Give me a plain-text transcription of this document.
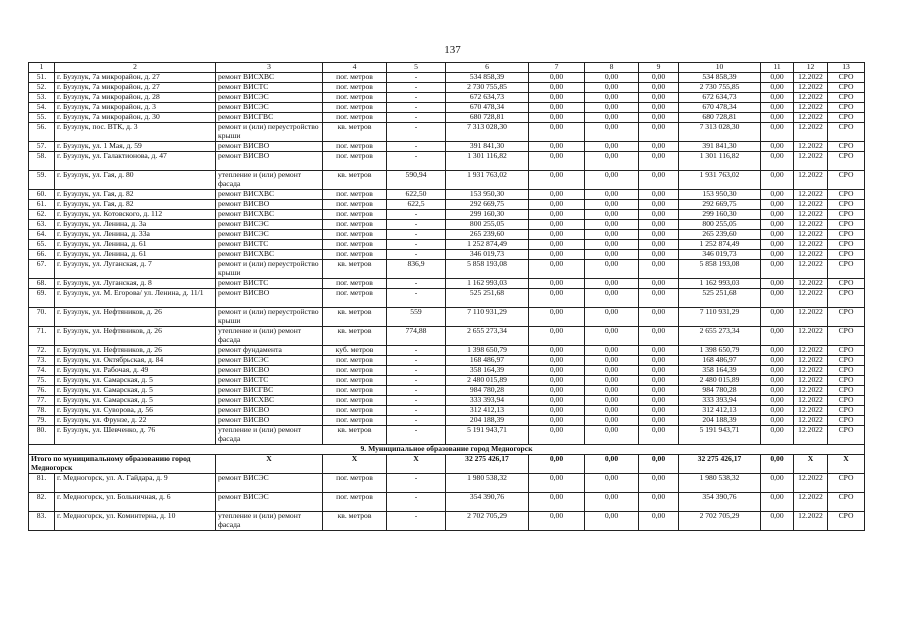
137
1	2	3	4	5	6	7	8	9	10	11	12	13
51.	г. Бузулук, 7а микрорайон, д. 27	ремонт ВИСХВС	пог. метров	-	534 858,39	0,00	0,00	0,00	534 858,39	0,00	12.2022	СРО
52.	г. Бузулук, 7а микрорайон, д. 27	ремонт ВИСТС	пог. метров	-	2 730 755,85	0,00	0,00	0,00	2 730 755,85	0,00	12.2022	СРО
53.	г. Бузулук, 7а микрорайон, д. 28	ремонт ВИСЭС	пог. метров	-	672 634,73	0,00	0,00	0,00	672 634,73	0,00	12.2022	СРО
54.	г. Бузулук, 7а микрорайон, д. 3	ремонт ВИСЭС	пог. метров	-	670 478,34	0,00	0,00	0,00	670 478,34	0,00	12.2022	СРО
55.	г. Бузулук, 7а микрорайон, д. 30	ремонт ВИСГВС	пог. метров	-	680 728,81	0,00	0,00	0,00	680 728,81	0,00	12.2022	СРО
56.	г. Бузулук, пос. ВТК, д. 3	ремонт и (или) переустройство крыши	кв. метров	-	7 313 028,30	0,00	0,00	0,00	7 313 028,30	0,00	12.2022	СРО
57.	г. Бузулук, ул. 1 Мая, д. 59	ремонт ВИСВО	пог. метров	-	391 841,30	0,00	0,00	0,00	391 841,30	0,00	12.2022	СРО
58.	г. Бузулук, ул. Галактионова, д. 47	ремонт ВИСВО	пог. метров	-	1 301 116,82	0,00	0,00	0,00	1 301 116,82	0,00	12.2022	СРО
59.	г. Бузулук, ул. Гая, д. 80	утепление и (или) ремонт фасада	кв. метров	590,94	1 931 763,02	0,00	0,00	0,00	1 931 763,02	0,00	12.2022	СРО
60.	г. Бузулук, ул. Гая, д. 82	ремонт ВИСХВС	пог. метров	622,50	153 950,30	0,00	0,00	0,00	153 950,30	0,00	12.2022	СРО
61.	г. Бузулук, ул. Гая, д. 82	ремонт ВИСВО	пог. метров	622,5	292 669,75	0,00	0,00	0,00	292 669,75	0,00	12.2022	СРО
62.	г. Бузулук, ул. Котовского, д. 112	ремонт ВИСХВС	пог. метров	-	299 160,30	0,00	0,00	0,00	299 160,30	0,00	12.2022	СРО
63.	г. Бузулук, ул. Ленина, д. 3а	ремонт ВИСЭС	пог. метров	-	800 255,05	0,00	0,00	0,00	800 255,05	0,00	12.2022	СРО
64.	г. Бузулук, ул. Ленина, д. 33а	ремонт ВИСЭС	пог. метров	-	265 239,60	0,00	0,00	0,00	265 239,60	0,00	12.2022	СРО
65.	г. Бузулук, ул. Ленина, д. 61	ремонт ВИСТС	пог. метров	-	1 252 874,49	0,00	0,00	0,00	1 252 874,49	0,00	12.2022	СРО
66.	г. Бузулук, ул. Ленина, д. 61	ремонт ВИСХВС	пог. метров	-	346 019,73	0,00	0,00	0,00	346 019,73	0,00	12.2022	СРО
67.	г. Бузулук, ул. Луганская, д. 7	ремонт и (или) переустройство крыши	кв. метров	836,9	5 858 193,08	0,00	0,00	0,00	5 858 193,08	0,00	12.2022	СРО
68.	г. Бузулук, ул. Луганская, д. 8	ремонт ВИСТС	пог. метров	-	1 162 993,03	0,00	0,00	0,00	1 162 993,03	0,00	12.2022	СРО
69.	г. Бузулук, ул. М. Егорова/ ул. Ленина, д. 11/1	ремонт ВИСВО	пог. метров	-	525 251,68	0,00	0,00	0,00	525 251,68	0,00	12.2022	СРО
70.	г. Бузулук, ул. Нефтяников, д. 26	ремонт и (или) переустройство крыши	кв. метров	559	7 110 931,29	0,00	0,00	0,00	7 110 931,29	0,00	12.2022	СРО
71.	г. Бузулук, ул. Нефтяников, д. 26	утепление и (или) ремонт фасада	кв. метров	774,88	2 655 273,34	0,00	0,00	0,00	2 655 273,34	0,00	12.2022	СРО
72.	г. Бузулук, ул. Нефтяников, д. 26	ремонт фундамента	куб. метров	-	1 398 650,79	0,00	0,00	0,00	1 398 650,79	0,00	12.2022	СРО
73.	г. Бузулук, ул. Октябрьская, д. 84	ремонт ВИСЭС	пог. метров	-	168 486,97	0,00	0,00	0,00	168 486,97	0,00	12.2022	СРО
74.	г. Бузулук, ул. Рабочая, д. 49	ремонт ВИСВО	пог. метров	-	358 164,39	0,00	0,00	0,00	358 164,39	0,00	12.2022	СРО
75.	г. Бузулук, ул. Самарская, д. 5	ремонт ВИСТС	пог. метров	-	2 480 015,89	0,00	0,00	0,00	2 480 015,89	0,00	12.2022	СРО
76.	г. Бузулук, ул. Самарская, д. 5	ремонт ВИСГВС	пог. метров	-	984 780,28	0,00	0,00	0,00	984 780,28	0,00	12.2022	СРО
77.	г. Бузулук, ул. Самарская, д. 5	ремонт ВИСХВС	пог. метров	-	333 393,94	0,00	0,00	0,00	333 393,94	0,00	12.2022	СРО
78.	г. Бузулук, ул. Суворова, д. 56	ремонт ВИСВО	пог. метров	-	312 412,13	0,00	0,00	0,00	312 412,13	0,00	12.2022	СРО
79.	г. Бузулук, ул. Фрунзе, д. 22	ремонт ВИСВО	пог. метров	-	204 188,39	0,00	0,00	0,00	204 188,39	0,00	12.2022	СРО
80.	г. Бузулук, ул. Шевченко, д. 76	утепление и (или) ремонт фасада	кв. метров	-	5 191 943,71	0,00	0,00	0,00	5 191 943,71	0,00	12.2022	СРО
9. Муниципальное образование город Медногорск												
Итого по муниципальному образованию город Медногорск		X	X	X	32 275 426,17	0,00	0,00	0,00	32 275 426,17	0,00	X	X
81.	г. Медногорск, ул. А. Гайдара, д. 9	ремонт ВИСЭС	пог. метров	-	1 980 538,32	0,00	0,00	0,00	1 980 538,32	0,00	12.2022	СРО
82.	г. Медногорск, ул. Больничная, д. 6	ремонт ВИСЭС	пог. метров	-	354 390,76	0,00	0,00	0,00	354 390,76	0,00	12.2022	СРО
83.	г. Медногорск, ул. Коминтерна, д. 10	утепление и (или) ремонт фасада	кв. метров	-	2 702 705,29	0,00	0,00	0,00	2 702 705,29	0,00	12.2022	СРО
